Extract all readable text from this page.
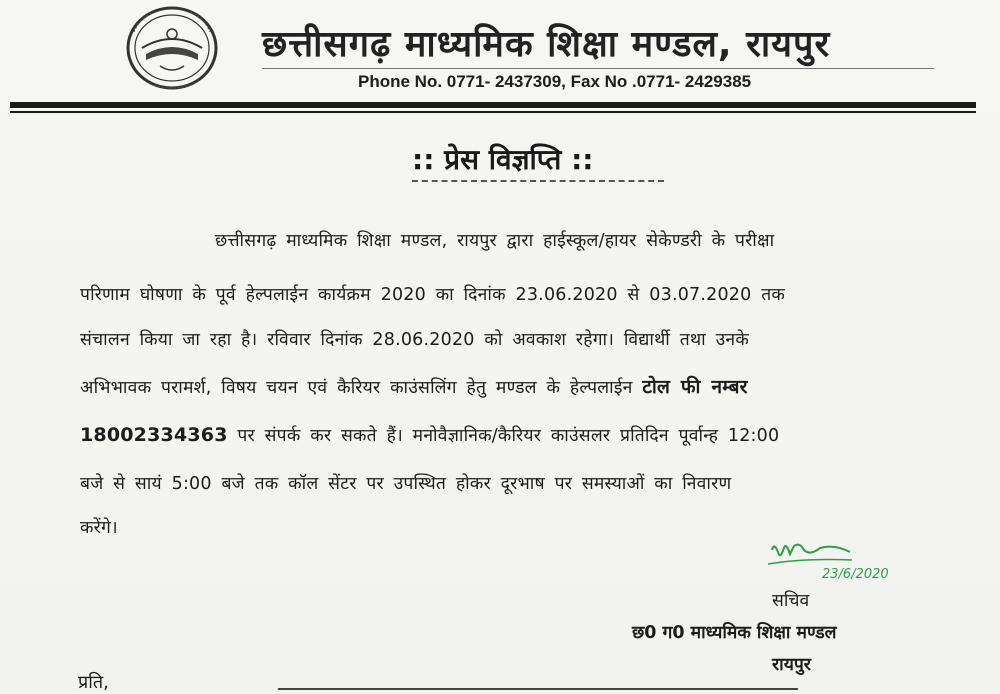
छत्तीसगढ़ माध्यमिक शिक्षा मण्डल, रायपुर
Phone No. 0771- 2437309, Fax No .0771- 2429385
:: प्रेस विज्ञप्ति ::
छत्तीसगढ़ माध्यमिक शिक्षा मण्डल, रायपुर द्वारा हाईस्कूल/हायर सेकेण्डरी के परीक्षा
परिणाम घोषणा के पूर्व हेल्पलाईन कार्यक्रम 2020 का दिनांक 23.06.2020 से 03.07.2020 तक
संचालन किया जा रहा है। रविवार दिनांक 28.06.2020 को अवकाश रहेगा। विद्यार्थी तथा उनके
अभिभावक परामर्श, विषय चयन एवं कैरियर काउंसलिंग हेतु मण्डल के हेल्पलाईन टोल फी नम्बर
18002334363 पर संपर्क कर सकते हैं। मनोवैज्ञानिक/कैरियर काउंसलर प्रतिदिन पूर्वान्ह 12:00
बजे से सायं 5:00 बजे तक कॉल सेंटर पर उपस्थित होकर दूरभाष पर समस्याओं का निवारण
करेंगे।
23/6/2020
सचिव
छ0 ग0 माध्यमिक शिक्षा मण्डल
रायपुर
प्रति,
